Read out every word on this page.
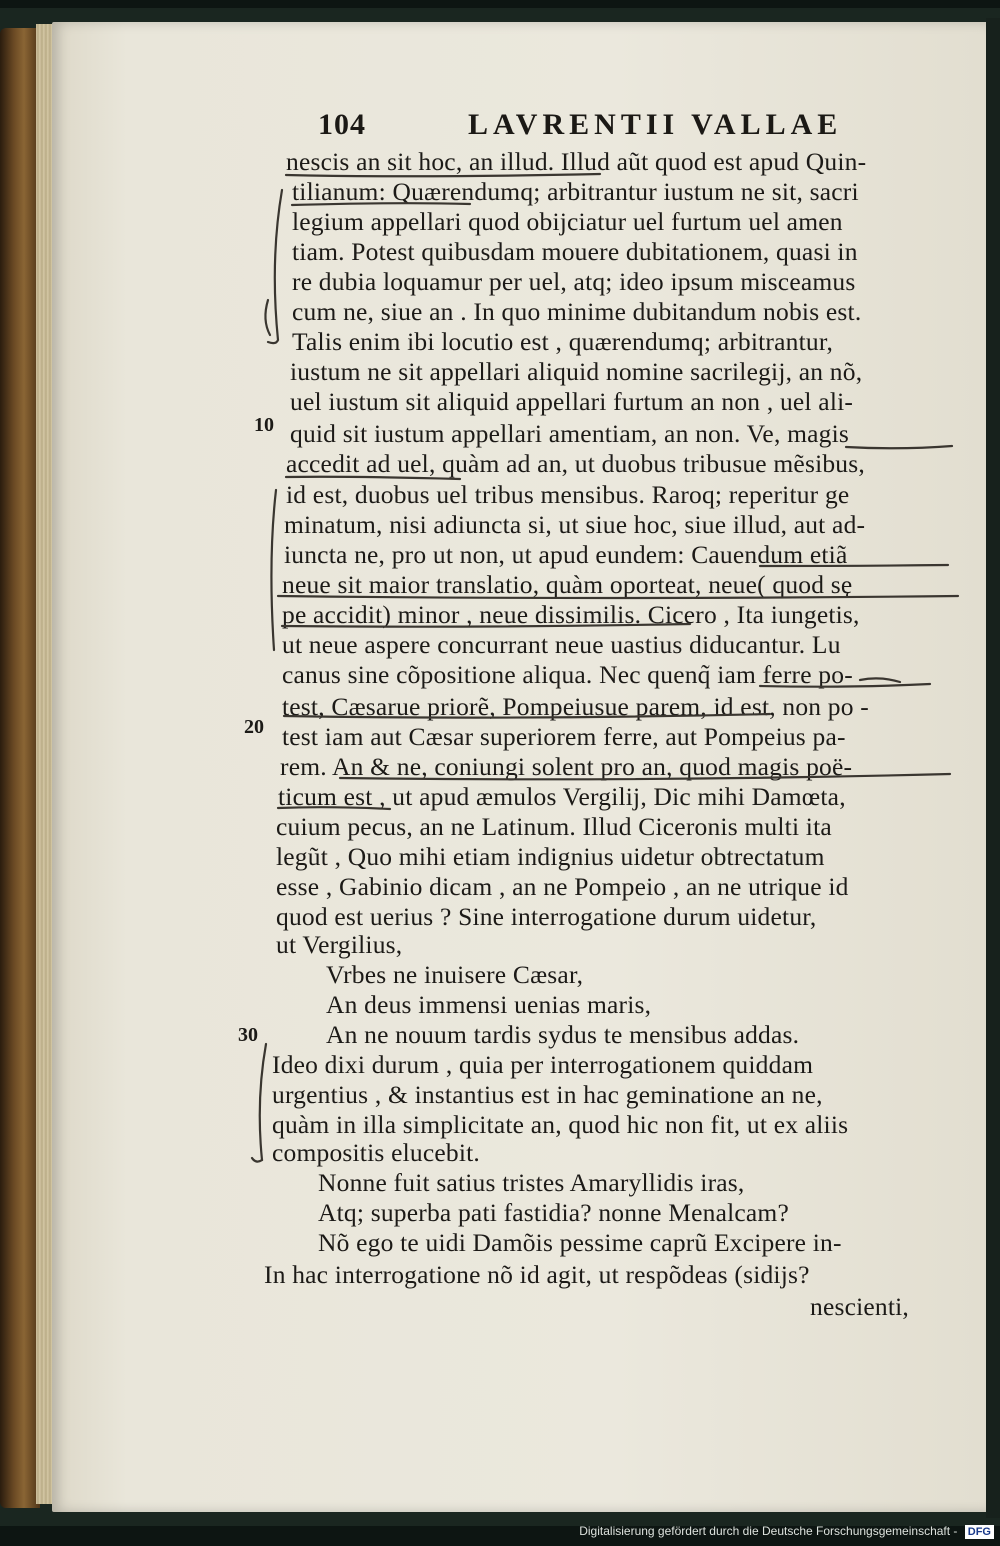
104	LAVRENTII VALLAE
10
20
30
nescis an sit hoc, an illud. Illud aũt quod est apud Quin-
tilianum: Quærendumq; arbitrantur iustum ne sit, sacri
legium appellari quod obijciatur uel furtum uel amen
tiam. Potest quibusdam mouere dubitationem, quasi in
re dubia loquamur per uel, atq; ideo ipsum misceamus
cum ne, siue an . In quo minime dubitandum nobis est.
Talis enim ibi locutio est , quærendumq; arbitrantur,
iustum ne sit appellari aliquid nomine sacrilegij, an nõ,
uel iustum sit aliquid appellari furtum an non , uel ali-
quid sit iustum appellari amentiam, an non. Ve, magis
accedit ad uel, quàm ad an, ut duobus tribusue mẽsibus,
id est, duobus uel tribus mensibus. Raroq; reperitur ge
minatum, nisi adiuncta si, ut siue hoc, siue illud, aut ad-
iuncta ne, pro ut non, ut apud eundem: Cauendum etiã
neue sit maior translatio, quàm oporteat, neue( quod sę
pe accidit) minor , neue dissimilis. Cicero , Ita iungetis,
ut neue aspere concurrant neue uastius diducantur. Lu
canus sine cõpositione aliqua. Nec quenq̃ iam ferre po-
test, Cæsarue priorẽ, Pompeiusue parem, id est, non po -
test iam aut Cæsar superiorem ferre, aut Pompeius pa-
rem. An & ne, coniungi solent pro an, quod magis poë-
ticum est , ut apud æmulos Vergilij, Dic mihi Damœta,
cuium pecus, an ne Latinum. Illud Ciceronis multi ita
legũt , Quo mihi etiam indignius uidetur obtrectatum
esse , Gabinio dicam , an ne Pompeio , an ne utrique id
quod est uerius ? Sine interrogatione durum uidetur,
ut Vergilius,
Vrbes ne inuisere Cæsar,
An deus immensi uenias maris,
An ne nouum tardis sydus te mensibus addas.
Ideo dixi durum , quia per interrogationem quiddam
urgentius , & instantius est in hac geminatione an ne,
quàm in illa simplicitate an, quod hic non fit, ut ex aliis
compositis elucebit.
Nonne fuit satius tristes Amaryllidis iras,
Atq; superba pati fastidia? nonne Menalcam?
Nõ ego te uidi Damõis pessime caprũ Excipere in-
In hac interrogatione nõ id agit, ut respõdeas (sidijs?
nescienti,
Digitalisierung gefördert durch die Deutsche Forschungsgemeinschaft - DFG
